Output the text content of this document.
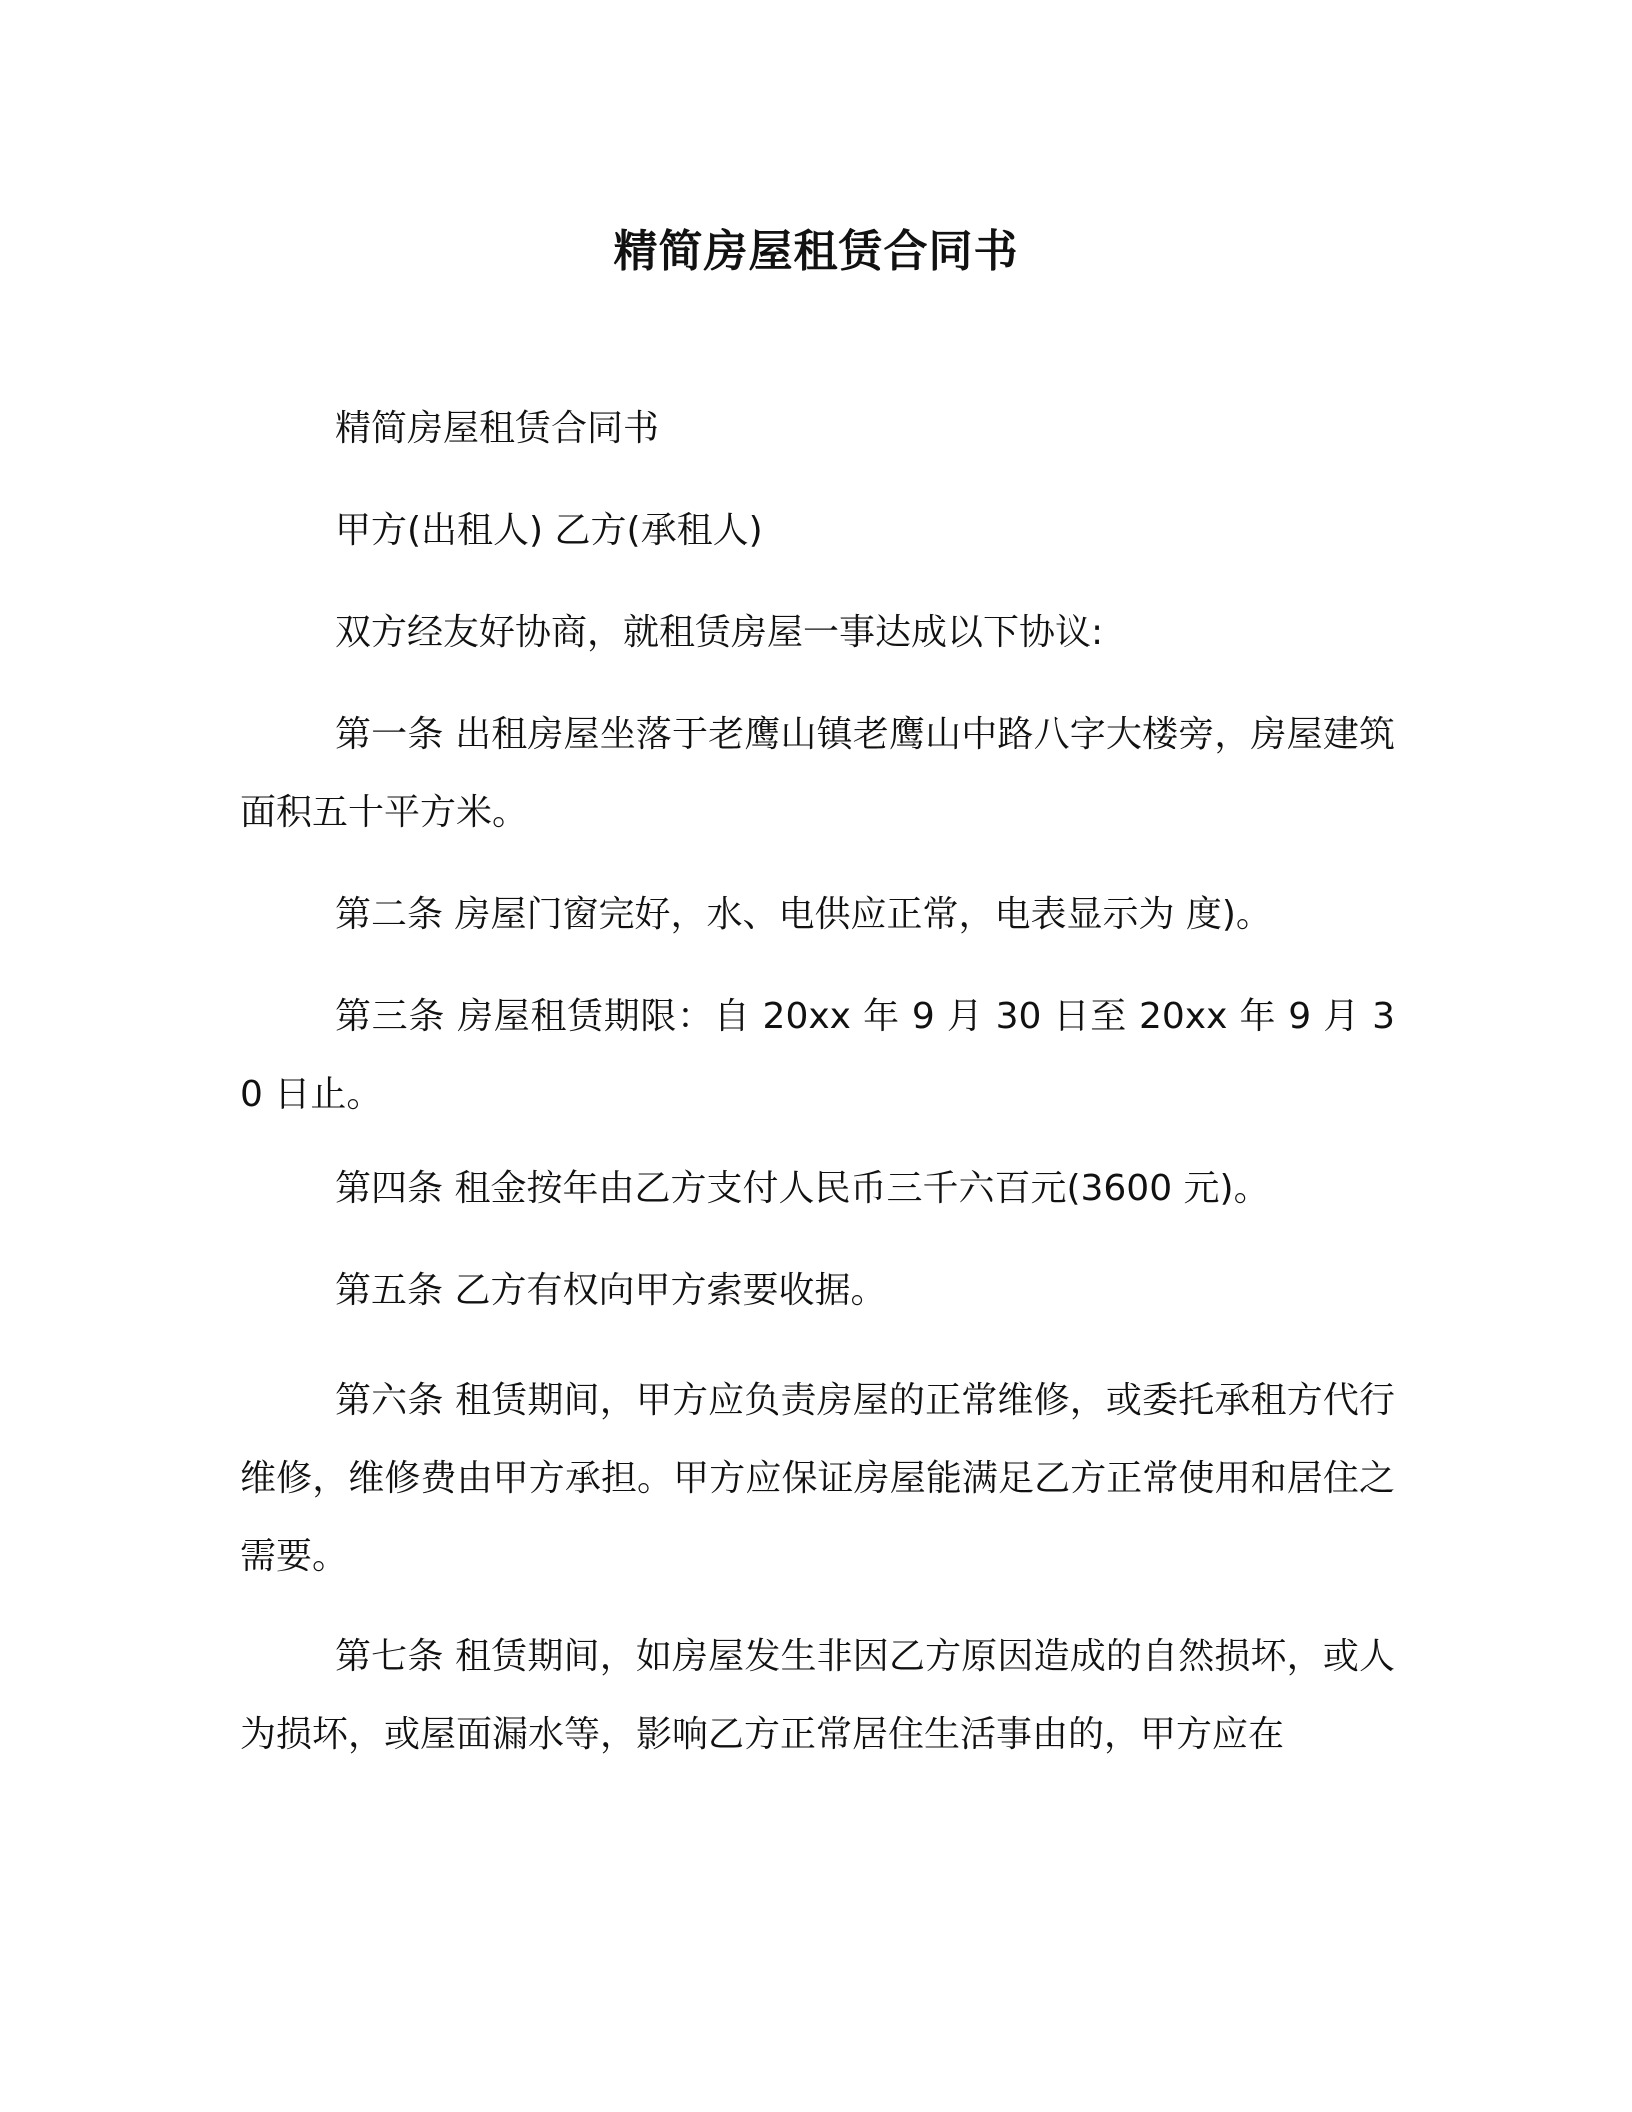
精简房屋租赁合同书

精简房屋租赁合同书

甲方(出租人) 乙方(承租人)

双方经友好协商，就租赁房屋一事达成以下协议:

第一条 出租房屋坐落于老鹰山镇老鹰山中路八字大楼旁，房屋建筑面积五十平方米。

第二条 房屋门窗完好，水、电供应正常，电表显示为 度)。

第三条 房屋租赁期限：自 20xx 年 9 月 30 日至 20xx 年 9 月 30 日止。

第四条 租金按年由乙方支付人民币三千六百元(3600 元)。

第五条 乙方有权向甲方索要收据。

第六条 租赁期间，甲方应负责房屋的正常维修，或委托承租方代行维修，维修费由甲方承担。甲方应保证房屋能满足乙方正常使用和居住之需要。

第七条 租赁期间，如房屋发生非因乙方原因造成的自然损坏，或人为损坏，或屋面漏水等，影响乙方正常居住生活事由的，甲方应在
